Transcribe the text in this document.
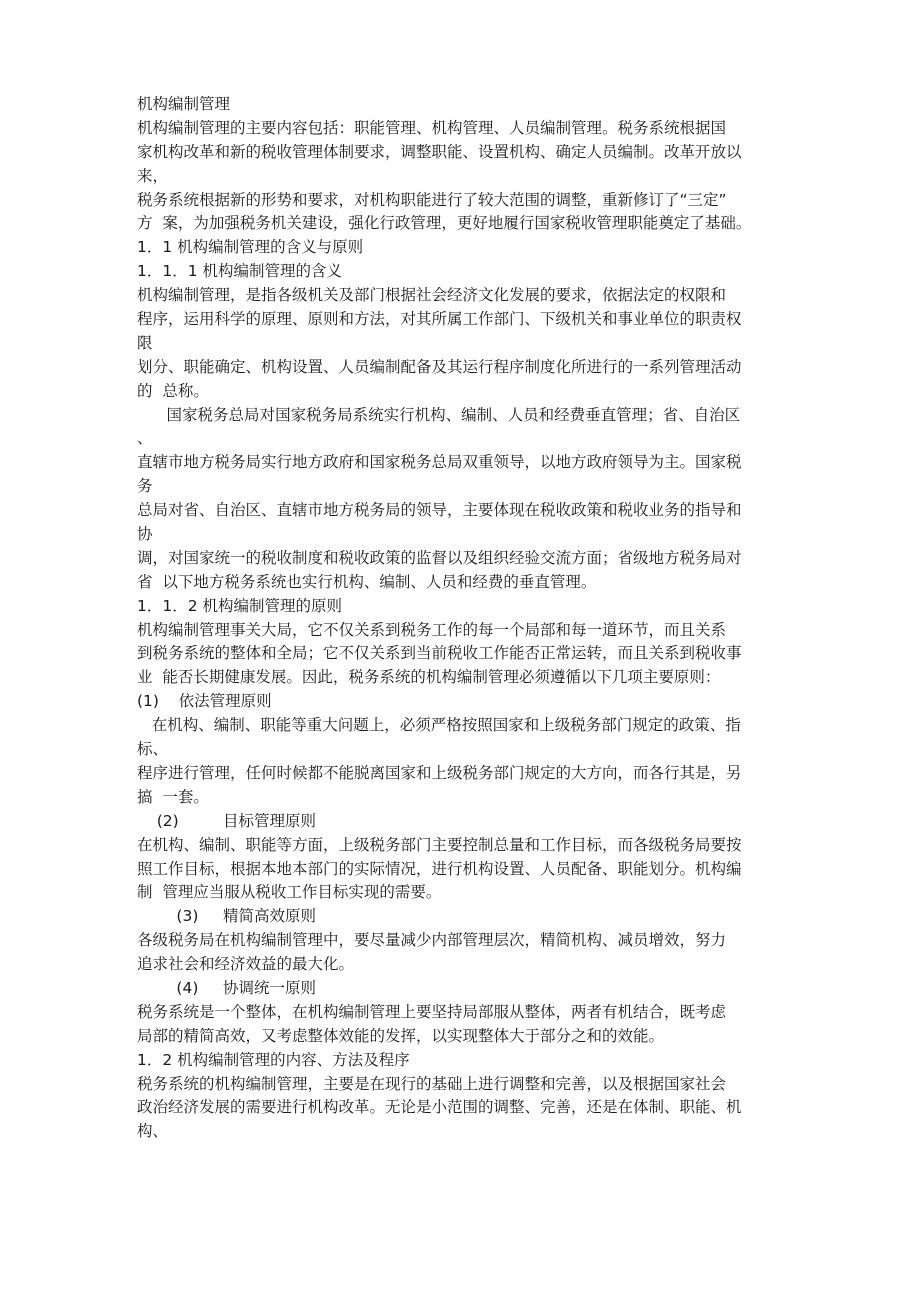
机构编制管理
机构编制管理的主要内容包括：职能管理、机构管理、人员编制管理。税务系统根据国
家机构改革和新的税收管理体制要求，调整职能、设置机构、确定人员编制。改革开放以
来，
税务系统根据新的形势和要求，对机构职能进行了较大范围的调整，重新修订了“三定”
方  案，为加强税务机关建设，强化行政管理，更好地履行国家税收管理职能奠定了基础。
1．1 机构编制管理的含义与原则
1．1．1 机构编制管理的含义
机构编制管理，是指各级机关及部门根据社会经济文化发展的要求，依据法定的权限和
程序，运用科学的原理、原则和方法，对其所属工作部门、下级机关和事业单位的职责权
限
划分、职能确定、机构设置、人员编制配备及其运行程序制度化所进行的一系列管理活动
的  总称。
国家税务总局对国家税务局系统实行机构、编制、人员和经费垂直管理；省、自治区
、
直辖市地方税务局实行地方政府和国家税务总局双重领导，以地方政府领导为主。国家税
务
总局对省、自治区、直辖市地方税务局的领导，主要体现在税收政策和税收业务的指导和
协
调，对国家统一的税收制度和税收政策的监督以及组织经验交流方面；省级地方税务局对
省  以下地方税务系统也实行机构、编制、人员和经费的垂直管理。
1．1．2 机构编制管理的原则
机构编制管理事关大局，它不仅关系到税务工作的每一个局部和每一道环节，而且关系
到税务系统的整体和全局；它不仅关系到当前税收工作能否正常运转，而且关系到税收事
业  能否长期健康发展。因此，税务系统的机构编制管理必须遵循以下几项主要原则：
(1)    依法管理原则
在机构、编制、职能等重大问题上，必须严格按照国家和上级税务部门规定的政策、指
标、
程序进行管理，任何时候都不能脱离国家和上级税务部门规定的大方向，而各行其是，另
搞  一套。
(2)         目标管理原则
在机构、编制、职能等方面，上级税务部门主要控制总量和工作目标，而各级税务局要按
照工作目标，根据本地本部门的实际情况，进行机构设置、人员配备、职能划分。机构编
制  管理应当服从税收工作目标实现的需要。
(3)     精简高效原则
各级税务局在机构编制管理中，要尽量减少内部管理层次，精简机构、减员增效，努力
追求社会和经济效益的最大化。
(4)     协调统一原则
税务系统是一个整体，在机构编制管理上要坚持局部服从整体，两者有机结合，既考虑
局部的精简高效，又考虑整体效能的发挥，以实现整体大于部分之和的效能。
1．2 机构编制管理的内容、方法及程序
税务系统的机构编制管理，主要是在现行的基础上进行调整和完善，以及根据国家社会
政治经济发展的需要进行机构改革。无论是小范围的调整、完善，还是在体制、职能、机
构、
